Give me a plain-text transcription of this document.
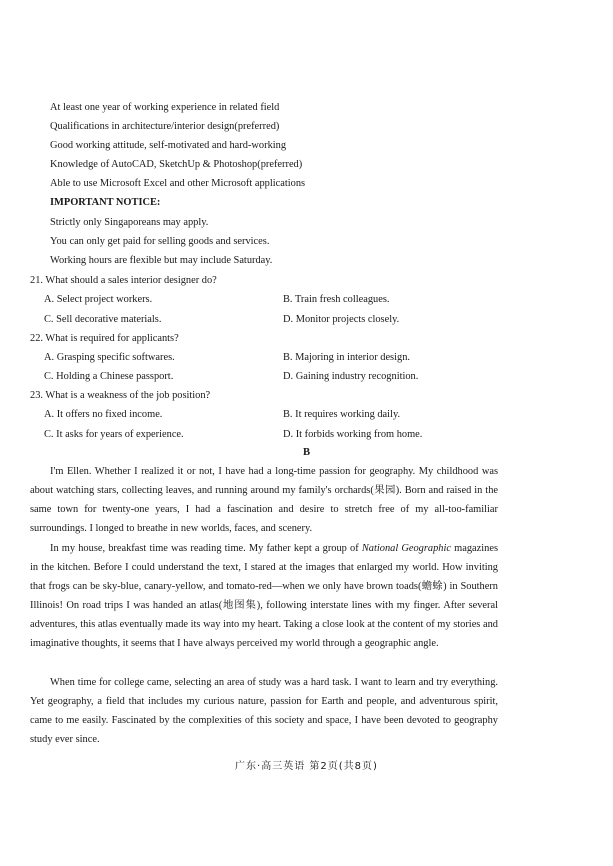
At least one year of working experience in related field
Qualifications in architecture/interior design(preferred)
Good working attitude, self-motivated and hard-working
Knowledge of AutoCAD, SketchUp & Photoshop(preferred)
Able to use Microsoft Excel and other Microsoft applications
IMPORTANT NOTICE:
Strictly only Singaporeans may apply.
You can only get paid for selling goods and services.
Working hours are flexible but may include Saturday.
21. What should a sales interior designer do?
A. Select project workers.	B. Train fresh colleagues.
C. Sell decorative materials.	D. Monitor projects closely.
22. What is required for applicants?
A. Grasping specific softwares.	B. Majoring in interior design.
C. Holding a Chinese passport.	D. Gaining industry recognition.
23. What is a weakness of the job position?
A. It offers no fixed income.	B. It requires working daily.
C. It asks for years of experience.	D. It forbids working from home.
B

I'm Ellen. Whether I realized it or not, I have had a long-time passion for geography. My childhood was about watching stars, collecting leaves, and running around my family's orchards(果园). Born and raised in the same town for twenty-one years, I had a fascination and desire to stretch free of my all-too-familiar surroundings. I longed to breathe in new worlds, faces, and scenery.

In my house, breakfast time was reading time. My father kept a group of National Geographic magazines in the kitchen. Before I could understand the text, I stared at the images that enlarged my world. How inviting that frogs can be sky-blue, canary-yellow, and tomato-red—when we only have brown toads(蟾蜍) in Southern Illinois! On road trips I was handed an atlas(地图集), following interstate lines with my finger. After several adventures, this atlas eventually made its way into my heart. Taking a close look at the content of my stories and imaginative thoughts, it seems that I have always perceived my world through a geographic angle.

When time for college came, selecting an area of study was a hard task. I want to learn and try everything. Yet geography, a field that includes my curious nature, passion for Earth and people, and adventurous spirit, came to me easily. Fascinated by the complexities of this society and space, I have been devoted to geography study ever since.

广东·高三英语 第2页(共8页)
